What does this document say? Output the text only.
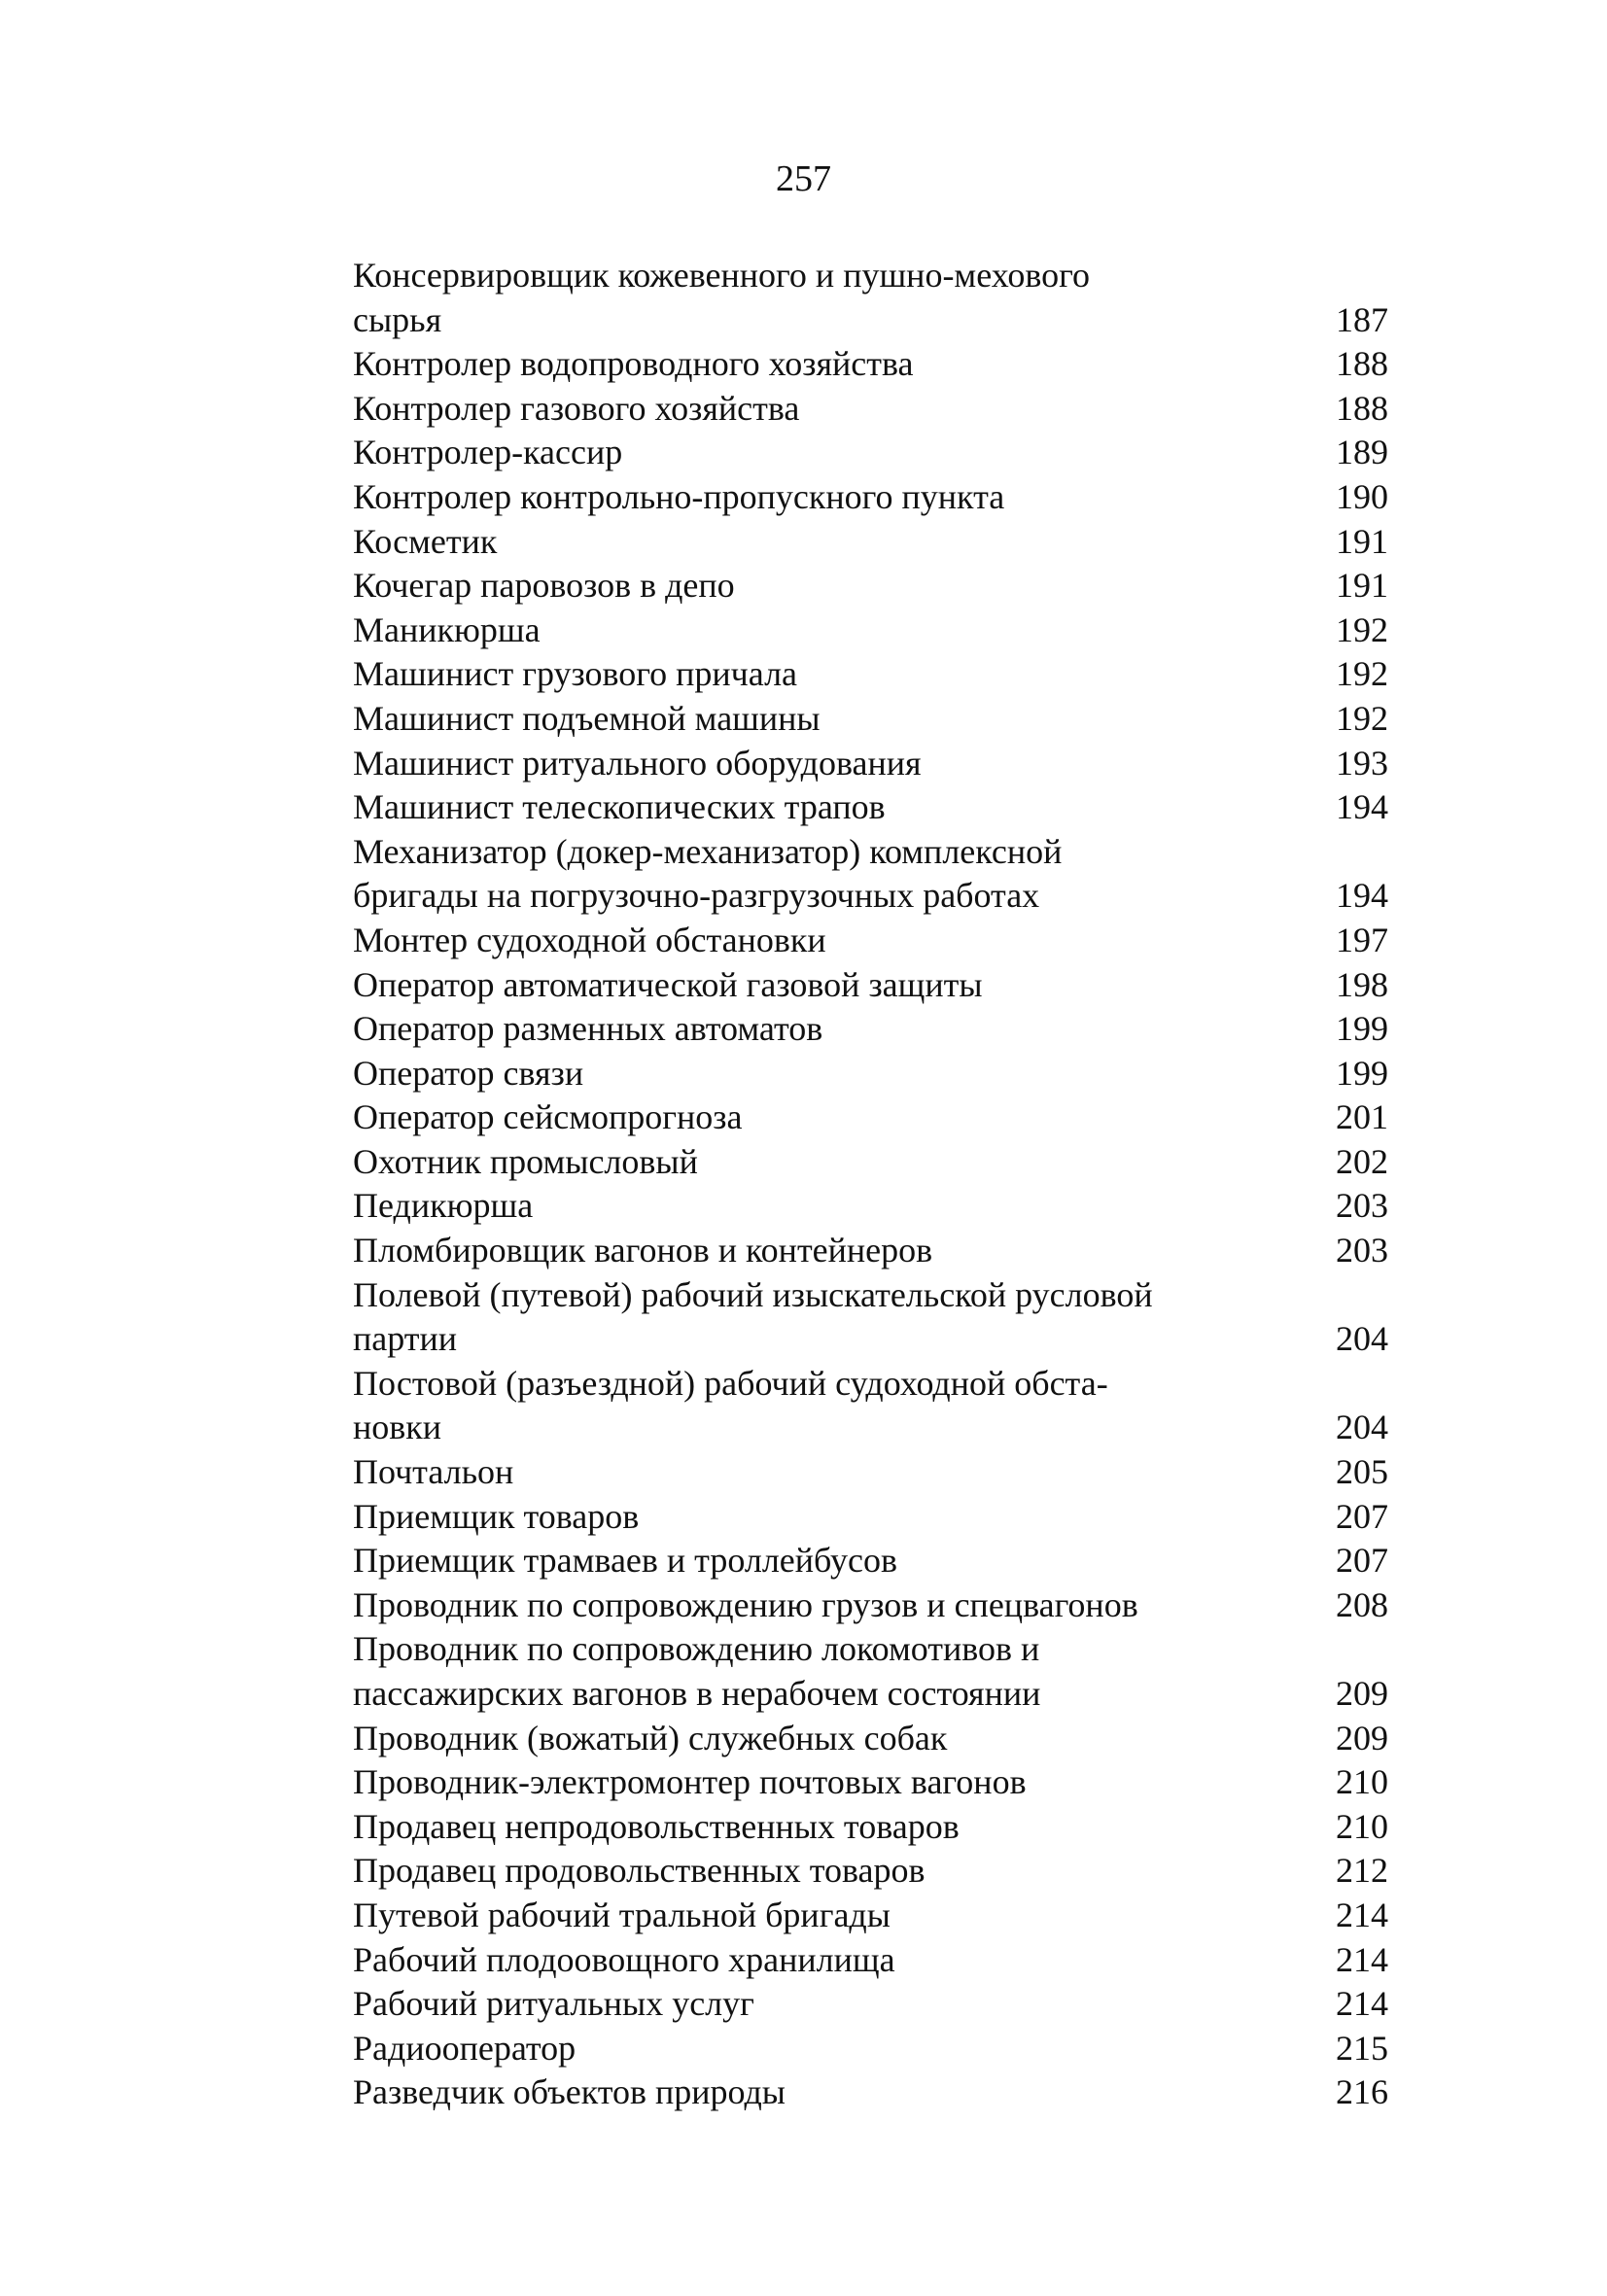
257
Консервировщик кожевенного и пушно-мехового
сырья	187
Контролер водопроводного хозяйства	188
Контролер газового хозяйства	188
Контролер-кассир	189
Контролер контрольно-пропускного пункта	190
Косметик	191
Кочегар паровозов в депо	191
Маникюрша	192
Машинист грузового причала	192
Машинист подъемной машины	192
Машинист ритуального оборудования	193
Машинист телескопических трапов	194
Механизатор (докер-механизатор) комплексной
бригады на погрузочно-разгрузочных работах	194
Монтер судоходной обстановки	197
Оператор автоматической газовой защиты	198
Оператор разменных автоматов	199
Оператор связи	199
Оператор сейсмопрогноза	201
Охотник промысловый	202
Педикюрша	203
Пломбировщик вагонов и контейнеров	203
Полевой (путевой) рабочий изыскательской русловой
партии	204
Постовой (разъездной) рабочий судоходной обста-
новки	204
Почтальон	205
Приемщик товаров	207
Приемщик трамваев и троллейбусов	207
Проводник по сопровождению грузов и спецвагонов	208
Проводник по сопровождению локомотивов и
пассажирских вагонов в нерабочем состоянии	209
Проводник (вожатый) служебных собак	209
Проводник-электромонтер почтовых вагонов	210
Продавец непродовольственных товаров	210
Продавец продовольственных товаров	212
Путевой рабочий тральной бригады	214
Рабочий плодоовощного хранилища	214
Рабочий ритуальных услуг	214
Радиооператор	215
Разведчик объектов природы	216
